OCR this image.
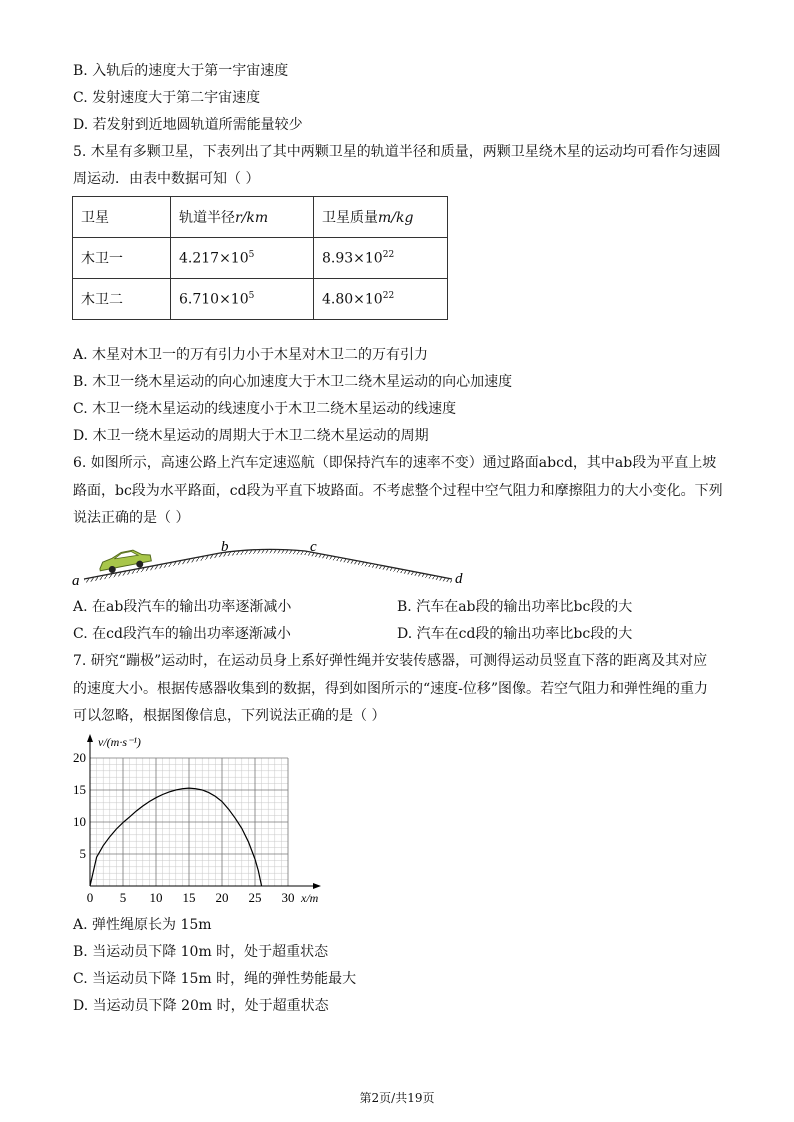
B. 入轨后的速度大于第一宇宙速度
C. 发射速度大于第二宇宙速度
D. 若发射到近地圆轨道所需能量较少
5. 木星有多颗卫星，下表列出了其中两颗卫星的轨道半径和质量，两颗卫星绕木星的运动均可看作匀速圆
周运动．由表中数据可知（ ）
卫星	轨道半径r/km	卫星质量m/kg
木卫一	$4.217\times 10^5$	$8.93\times 10^{22}$
木卫二	$6.710\times 10^5$	$4.80\times 10^{22}$
A. 木星对木卫一的万有引力小于木星对木卫二的万有引力
B. 木卫一绕木星运动的向心加速度大于木卫二绕木星运动的向心加速度
C. 木卫一绕木星运动的线速度小于木卫二绕木星运动的线速度
D. 木卫一绕木星运动的周期大于木卫二绕木星运动的周期
6. 如图所示，高速公路上汽车定速巡航（即保持汽车的速率不变）通过路面abcd，其中ab段为平直上坡
路面，bc段为水平路面，cd段为平直下坡路面。不考虑整个过程中空气阻力和摩擦阻力的大小变化。下列
说法正确的是（ ）
a
b	c
d
A. 在ab段汽车的输出功率逐渐减小	B. 汽车在ab段的输出功率比bc段的大
C. 在cd段汽车的输出功率逐渐减小	D. 汽车在cd段的输出功率比bc段的大
7. 研究“蹦极”运动时，在运动员身上系好弹性绳并安装传感器，可测得运动员竖直下落的距离及其对应
的速度大小。根据传感器收集到的数据，得到如图所示的“速度-位移”图像。若空气阻力和弹性绳的重力
可以忽略，根据图像信息，下列说法正确的是（ ）
v/(m·s⁻¹)
x/m
0 5 10 15 20 25 30
5
10
15
20
A. 弹性绳原长为 15m
B. 当运动员下降 10m 时，处于超重状态
C. 当运动员下降 15m 时，绳的弹性势能最大
D. 当运动员下降 20m 时，处于超重状态
第2页/共19页
